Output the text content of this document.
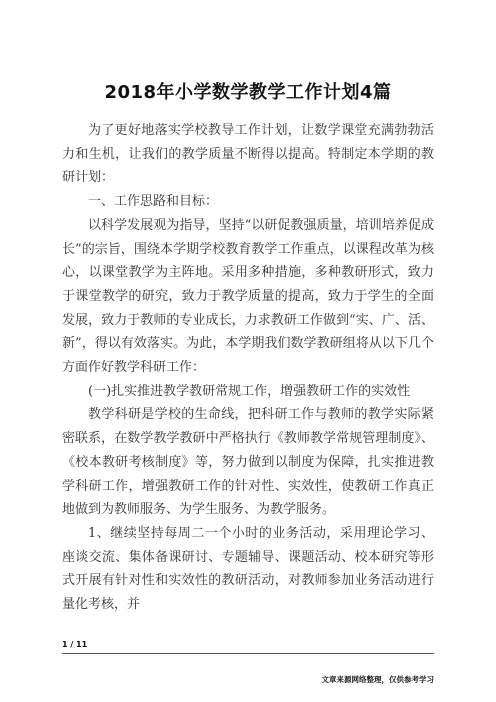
2018年小学数学教学工作计划4篇

为了更好地落实学校教导工作计划，让数学课堂充满勃勃活力和生机，让我们的教学质量不断得以提高。特制定本学期的教研计划：

一、工作思路和目标：

以科学发展观为指导，坚持“以研促教强质量，培训培养促成长”的宗旨，围绕本学期学校教育教学工作重点，以课程改革为核心，以课堂教学为主阵地。采用多种措施，多种教研形式，致力于课堂教学的研究，致力于教学质量的提高，致力于学生的全面发展，致力于教师的专业成长，力求教研工作做到“实、广、活、新”，得以有效落实。为此，本学期我们数学教研组将从以下几个方面作好教学科研工作：

(一)扎实推进教学教研常规工作，增强教研工作的实效性

教学科研是学校的生命线，把科研工作与教师的教学实际紧密联系，在数学教学教研中严格执行《教师教学常规管理制度》、《校本教研考核制度》等，努力做到以制度为保障，扎实推进教学科研工作，增强教研工作的针对性、实效性，使教研工作真正地做到为教师服务、为学生服务、为教学服务。

1、继续坚持每周二一个小时的业务活动，采用理论学习、座谈交流、集体备课研讨、专题辅导、课题活动、校本研究等形式开展有针对性和实效性的教研活动，对教师参加业务活动进行量化考核，并

1 / 11
文章来源网络整理，仅供参考学习
